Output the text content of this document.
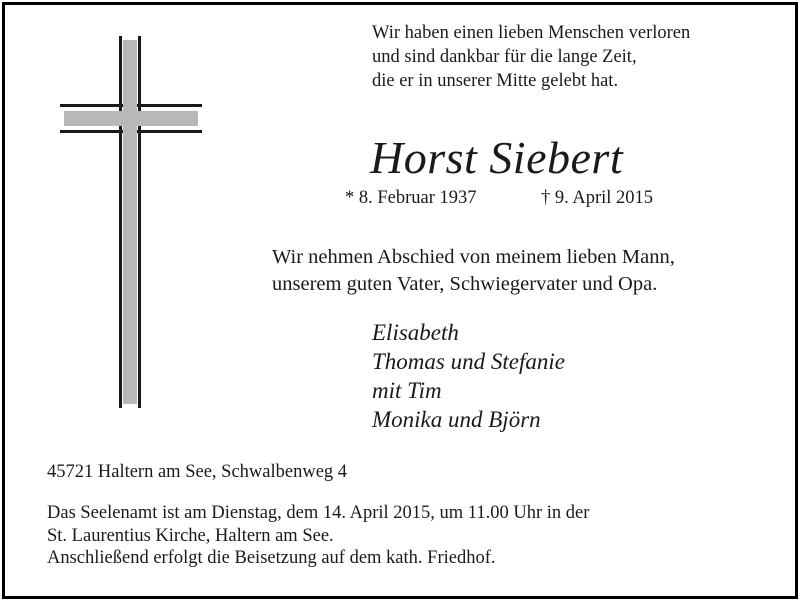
Wir haben einen lieben Menschen verloren
und sind dankbar für die lange Zeit,
die er in unserer Mitte gelebt hat.
Horst Siebert
* 8. Februar 1937	† 9. April 2015
Wir nehmen Abschied von meinem lieben Mann,
unserem guten Vater, Schwiegervater und Opa.
Elisabeth
Thomas und Stefanie
mit Tim
Monika und Björn
45721 Haltern am See, Schwalbenweg 4
Das Seelenamt ist am Dienstag, dem 14. April 2015, um 11.00 Uhr in der
St. Laurentius Kirche, Haltern am See.
Anschließend erfolgt die Beisetzung auf dem kath. Friedhof.
